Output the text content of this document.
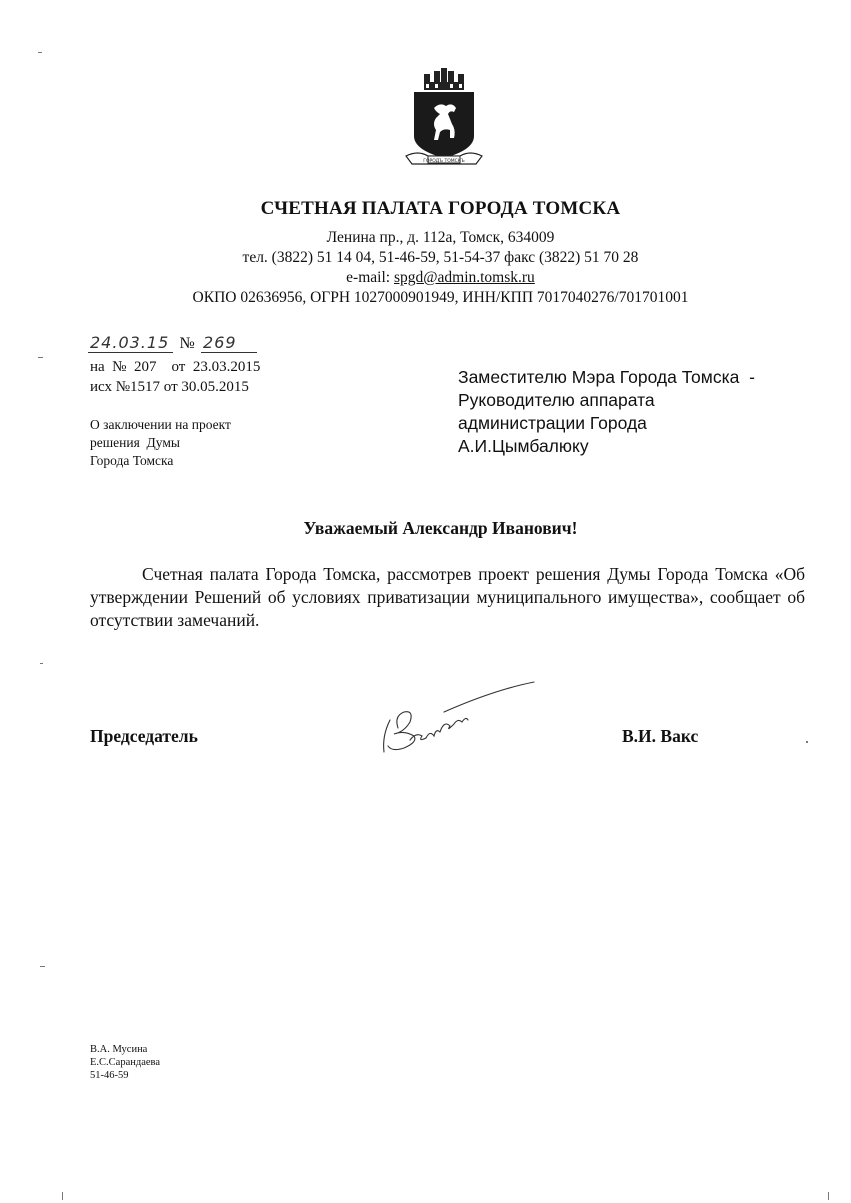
ГОРОДЪ ТОМСКЪ
СЧЕТНАЯ ПАЛАТА ГОРОДА ТОМСКА
Ленина пр., д. 112а, Томск, 634009
тел. (3822) 51 14 04, 51-46-59, 51-54-37 факс (3822) 51 70 28
e-mail: spgd@admin.tomsk.ru
ОКПО 02636956, ОГРН 1027000901949, ИНН/КПП 7017040276/701701001
24.03.15 № 269
на  №  207    от  23.03.2015
исх №1517 от 30.05.2015
О заключении на проект
решения  Думы
Города Томска
Заместителю Мэра Города Томска  -
Руководителю аппарата
администрации Города
А.И.Цымбалюку
Уважаемый Александр Иванович!
Счетная палата Города Томска, рассмотрев проект решения Думы Города Томска «Об утверждении Решений об условиях приватизации муниципального имущества», сообщает об отсутствии замечаний.
Председатель	В.И. Вакс
В.А. Мусина
Е.С.Сарандаева
51-46-59
